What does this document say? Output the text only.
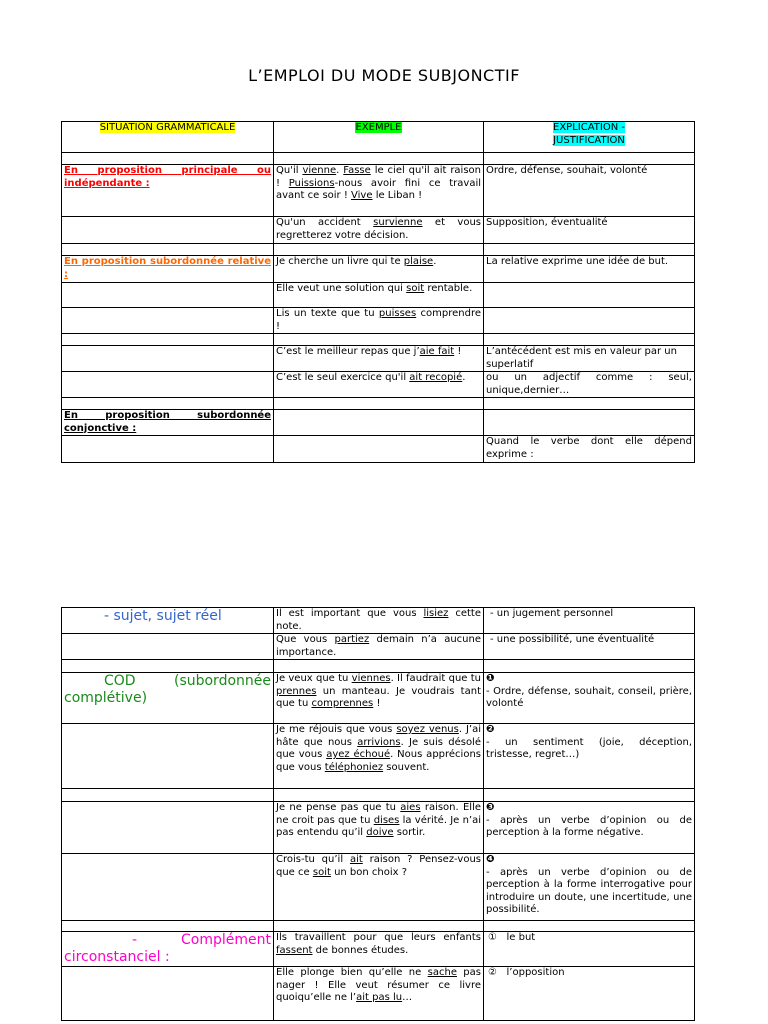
L’EMPLOI DU MODE SUBJONCTIF
SITUATION GRAMMATICALE	EXEMPLE	EXPLICATION -
JUSTIFICATION

En proposition principale ou indépendante :	Qu'il vienne. Fasse le ciel qu'il ait raison ! Puissions-nous avoir fini ce travail avant ce soir ! Vive le Liban !	Ordre, défense, souhait, volonté
	Qu'un accident survienne et vous regretterez votre décision.	Supposition, éventualité

En proposition subordonnée relative :	Je cherche un livre qui te plaise.	La relative exprime une idée de but.
	Elle veut une solution qui soit rentable.	
	Lis un texte que tu puisses comprendre !	

	C’est le meilleur repas que j’aie fait !	L’antécédent est mis en valeur par un superlatif
	C’est le seul exercice qu'il ait recopié.	ou un adjectif comme : seul, unique,dernier…

En proposition subordonnée conjonctive :		
		Quand le verbe dont elle dépend exprime :
- sujet, sujet réel	Il est important que vous lisiez cette note.	- un jugement personnel
	Que vous partiez demain n’a aucune importance.	- une possibilité, une éventualité

COD (subordonnée complétive)	Je veux que tu viennes. Il faudrait que tu prennes un manteau. Je voudrais tant que tu comprennes !	❶
- Ordre, défense, souhait, conseil, prière, volonté
	Je me réjouis que vous soyez venus. J’ai hâte que nous arrivions. Je suis désolé que vous ayez échoué. Nous apprécions que vous téléphoniez souvent.	❷
- un sentiment (joie, déception, tristesse, regret…)

	Je ne pense pas que tu aies raison. Elle ne croit pas que tu dises la vérité. Je n’ai pas entendu qu’il doive sortir.	❸
- après un verbe d’opinion ou de perception à la forme négative.
	Crois-tu qu’il ait raison ? Pensez-vous que ce soit un bon choix ?	❹
- après un verbe d’opinion ou de perception à la forme interrogative pour introduire un doute, une incertitude, une possibilité.

- Complément circonstanciel :	Ils travaillent pour que leurs enfants fassent de bonnes études.	① le but
	Elle plonge bien qu’elle ne sache pas nager ! Elle veut résumer ce livre quoiqu’elle ne l’ait pas lu…	② l’opposition
